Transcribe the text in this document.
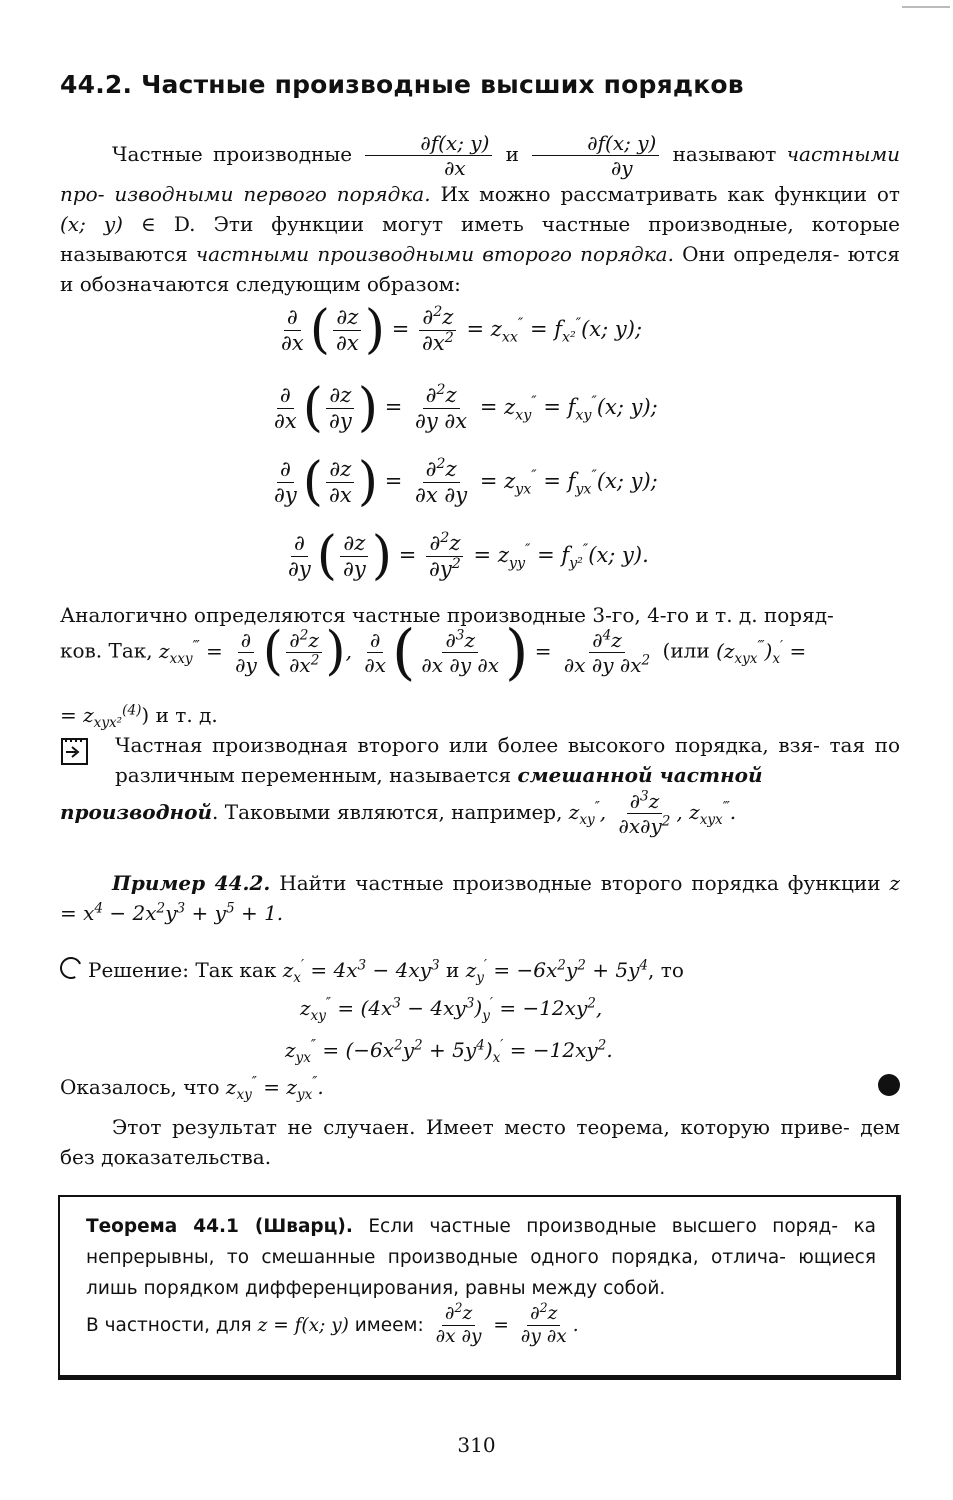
44.2. Частные производные высших порядков
Частные производные $\frac{\partial f(x; y)}{\partial x}$ и $\frac{\partial f(x; y)}{\partial y}$ называют частными про- изводными первого порядка. Их можно рассматривать как функции от (x; y) ∈ D. Эти функции могут иметь частные производные, которые называются частными производными второго порядка. Они определя- ются и обозначаются следующим образом:
$\frac{\partial}{\partial x}$ ( $\frac{\partial z}{\partial x}$ ) = $\frac{\partial^2z}{\partial x^2} = z_{xx}'' = f_{x^2}''(x$; y);
$\frac{\partial}{\partial x}$ ( $\frac{\partial z}{\partial y}$ ) = $\frac{\partial^2z}{\partial y \partial x} = z_{xy}'' = f_{xy}''(x$; y);
$\frac{\partial}{\partial y}$ ( $\frac{\partial z}{\partial x}$ ) = $\frac{\partial^2z}{\partial x \partial y} = z_{yx}'' = f_{yx}''(x$; y);
$\frac{\partial}{\partial y}$ ( $\frac{\partial z}{\partial y}$ ) = $\frac{\partial^2z}{\partial y^2} = z_{yy}'' = f_{y^2}''(x$; y).
Аналогично определяются частные производные 3-го, 4-го и т. д. поряд-
ков. Так, $z_{xxy}^‴ = \frac{\partial}{\partial y}$ ( $\frac{\partial^2z}{\partial x^2}$ ), $\frac{\partial}{\partial x}$ ( $\frac{\partial^3z}{\partial x \partial y \partial x}$ ) = $\frac{\partial^4z}{\partial x \partial y \partial x^2} (или$ $(z_{xyx}^‴)_x'$ =
= $z_{xyx^2}^{(4)}$) и т. д.
Частная производная второго или более высокого порядка, взя- тая по различным переменным, называется смешанной частной
производной. Таковыми являются, например, $z_{xy}''$, $\frac{\partial^3z}{\partial x\partial y^2}$ , $z_{xyx}^‴$.
Пример 44.2. Найти частные производные второго порядка функции $z = x^4 - 2x^2y^3 + y^5 + 1$.
Решение: Так как $z_x' = 4x^3 - 4xy^3$ и $z_y' = -6x^2y^2 + 5y^4$, то
$z_{xy}'' = (4x^3 - 4xy^3)_y' = -12xy^2$,
$z_{yx}'' = (-6x^2y^2 + 5y^4)_x' = -12xy^2$.
Оказалось, что $z_{xy}'' = z_{yx}''$.
Этот результат не случаен. Имеет место теорема, которую приве- дем без доказательства.
Теорема 44.1 (Шварц). Если частные производные высшего поряд- ка непрерывны, то смешанные производные одного порядка, отлича- ющиеся лишь порядком дифференцирования, равны между собой.
В частности, для z = f(x; y) имеем: $\frac{\partial^2z}{\partial x \partial y} = \frac{\partial^2z}{\partial y \partial x}$ .
310
